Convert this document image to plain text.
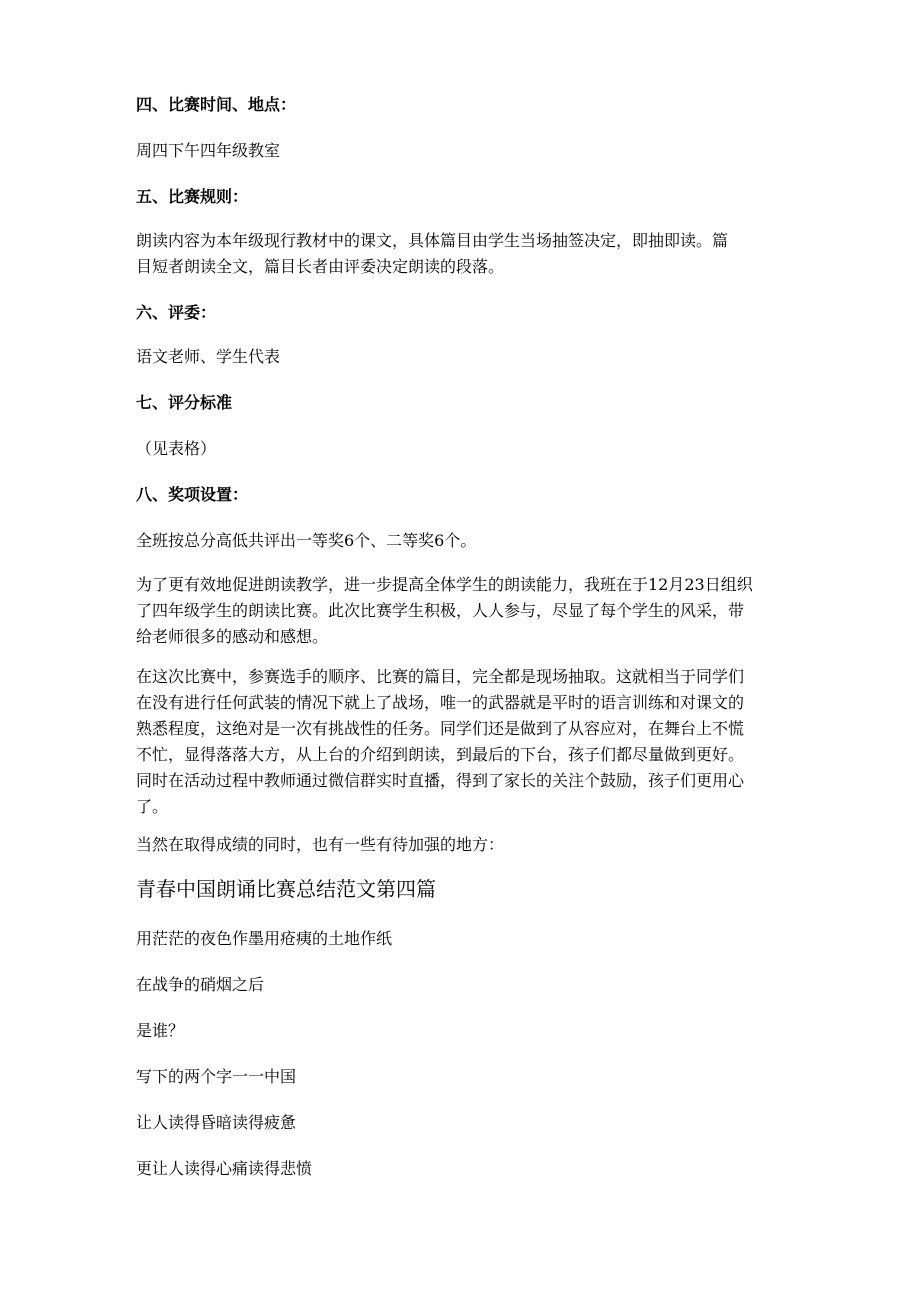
四、比赛时间、地点：

周四下午四年级教室

五、比赛规则：

朗读内容为本年级现行教材中的课文，具体篇目由学生当场抽签决定，即抽即读。篇
目短者朗读全文，篇目长者由评委决定朗读的段落。

六、评委：

语文老师、学生代表

七、评分标准

（见表格）

八、奖项设置：

全班按总分高低共评出一等奖6个、二等奖6个。

为了更有效地促进朗读教学，进一步提高全体学生的朗读能力，我班在于12月23日组织
了四年级学生的朗读比赛。此次比赛学生积极，人人参与，尽显了每个学生的风采，带
给老师很多的感动和感想。
在这次比赛中，参赛选手的顺序、比赛的篇目，完全都是现场抽取。这就相当于同学们
在没有进行任何武装的情况下就上了战场，唯一的武器就是平时的语言训练和对课文的
熟悉程度，这绝对是一次有挑战性的任务。同学们还是做到了从容应对，在舞台上不慌
不忙，显得落落大方，从上台的介绍到朗读，到最后的下台，孩子们都尽量做到更好。
同时在活动过程中教师通过微信群实时直播，得到了家长的关注个鼓励，孩子们更用心
了。

当然在取得成绩的同时，也有一些有待加强的地方：

青春中国朗诵比赛总结范文第四篇

用茫茫的夜色作墨用疮痍的土地作纸

在战争的硝烟之后

是谁？

写下的两个字一一中国

让人读得昏暗读得疲惫

更让人读得心痛读得悲愤
